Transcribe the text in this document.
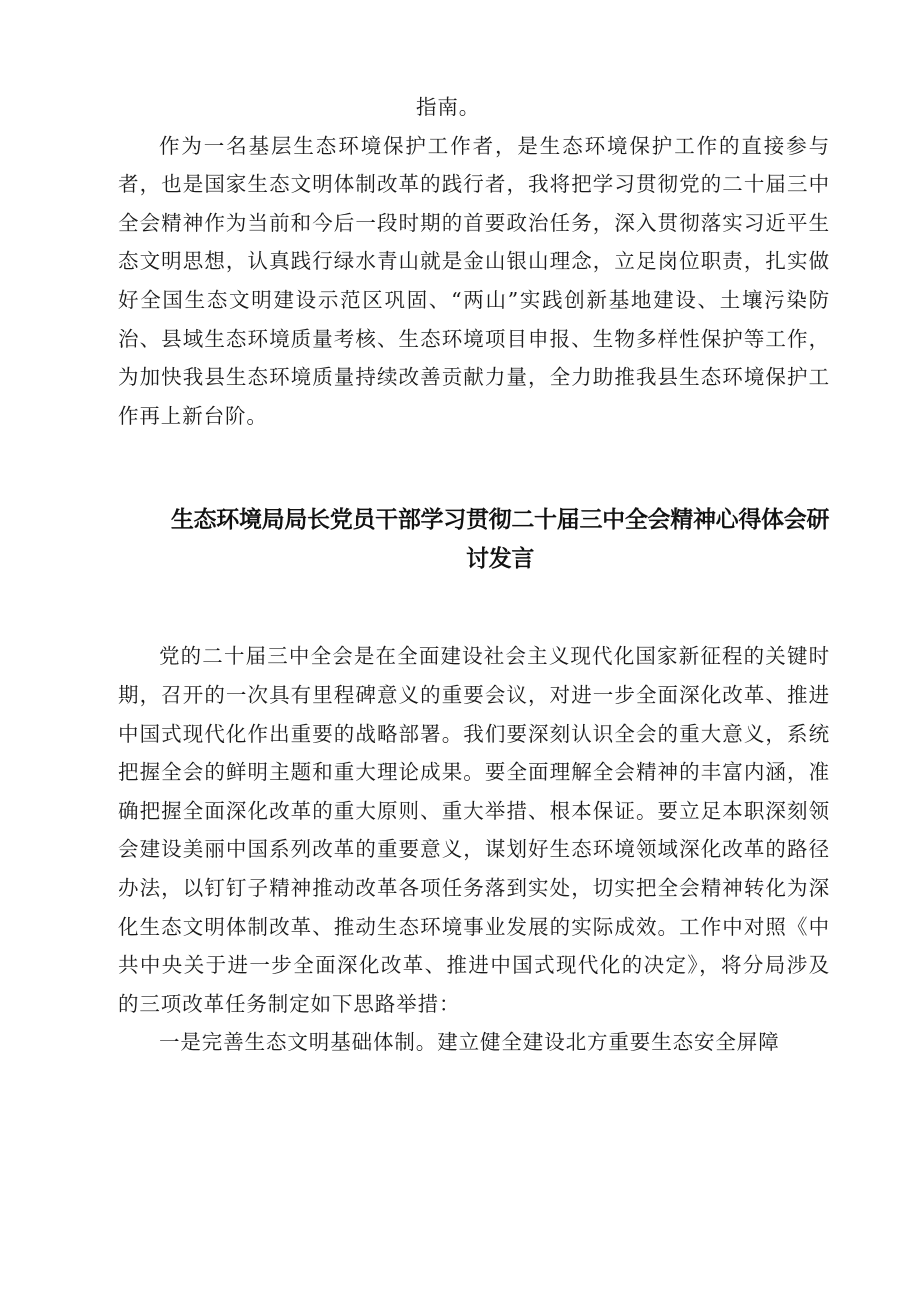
指南。

作为一名基层生态环境保护工作者，是生态环境保护工作的直接参与者，也是国家生态文明体制改革的践行者，我将把学习贯彻党的二十届三中全会精神作为当前和今后一段时期的首要政治任务，深入贯彻落实习近平生态文明思想，认真践行绿水青山就是金山银山理念，立足岗位职责，扎实做好全国生态文明建设示范区巩固、“两山”实践创新基地建设、土壤污染防治、县域生态环境质量考核、生态环境项目申报、生物多样性保护等工作，为加快我县生态环境质量持续改善贡献力量，全力助推我县生态环境保护工作再上新台阶。

生态环境局局长党员干部学习贯彻二十届三中全会精神心得体会研讨发言

党的二十届三中全会是在全面建设社会主义现代化国家新征程的关键时期，召开的一次具有里程碑意义的重要会议，对进一步全面深化改革、推进中国式现代化作出重要的战略部署。我们要深刻认识全会的重大意义，系统把握全会的鲜明主题和重大理论成果。要全面理解全会精神的丰富内涵，准确把握全面深化改革的重大原则、重大举措、根本保证。要立足本职深刻领会建设美丽中国系列改革的重要意义，谋划好生态环境领域深化改革的路径办法，以钉钉子精神推动改革各项任务落到实处，切实把全会精神转化为深化生态文明体制改革、推动生态环境事业发展的实际成效。工作中对照《中共中央关于进一步全面深化改革、推进中国式现代化的决定》，将分局涉及的三项改革任务制定如下思路举措：

一是完善生态文明基础体制。建立健全建设北方重要生态安全屏障
